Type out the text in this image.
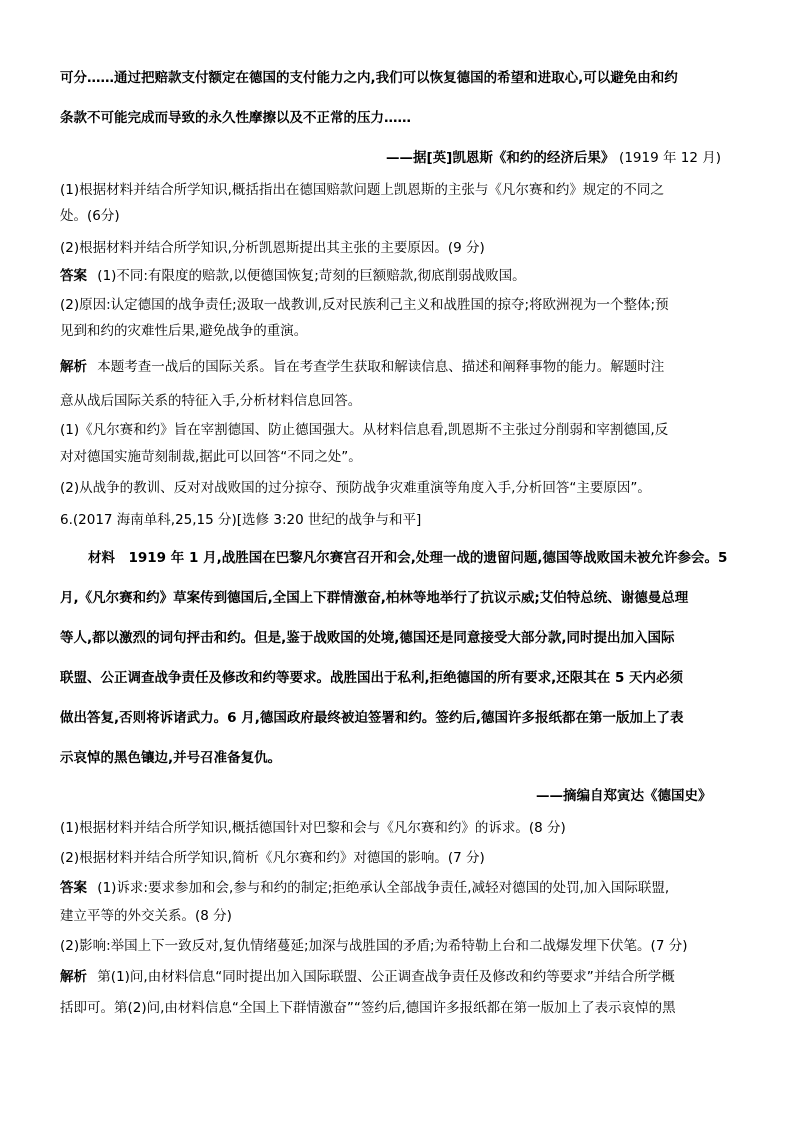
可分……通过把赔款支付额定在德国的支付能力之内,我们可以恢复德国的希望和进取心,可以避免由和约
条款不可能完成而导致的永久性摩擦以及不正常的压力……
——据[英]凯恩斯《和约的经济后果》 (1919 年 12 月)
(1)根据材料并结合所学知识,概括指出在德国赔款问题上凯恩斯的主张与《凡尔赛和约》规定的不同之
处。(6分)
(2)根据材料并结合所学知识,分析凯恩斯提出其主张的主要原因。(9 分)
答案 (1)不同:有限度的赔款,以便德国恢复;苛刻的巨额赔款,彻底削弱战败国。
(2)原因:认定德国的战争责任;汲取一战教训,反对民族利己主义和战胜国的掠夺;将欧洲视为一个整体;预
见到和约的灾难性后果,避免战争的重演。
解析 本题考查一战后的国际关系。旨在考查学生获取和解读信息、描述和阐释事物的能力。解题时注
意从战后国际关系的特征入手,分析材料信息回答。
(1)《凡尔赛和约》旨在宰割德国、防止德国强大。从材料信息看,凯恩斯不主张过分削弱和宰割德国,反
对对德国实施苛刻制裁,据此可以回答“不同之处”。
(2)从战争的教训、反对对战败国的过分掠夺、预防战争灾难重演等角度入手,分析回答“主要原因”。
6.(2017 海南单科,25,15 分)[选修 3:20 世纪的战争与和平]
材料　1919 年 1 月,战胜国在巴黎凡尔赛宫召开和会,处理一战的遗留问题,德国等战败国未被允许参会。5
月,《凡尔赛和约》草案传到德国后,全国上下群情激奋,柏林等地举行了抗议示威;艾伯特总统、谢德曼总理
等人,都以激烈的词句抨击和约。但是,鉴于战败国的处境,德国还是同意接受大部分款,同时提出加入国际
联盟、公正调查战争责任及修改和约等要求。战胜国出于私利,拒绝德国的所有要求,还限其在 5 天内必须
做出答复,否则将诉诸武力。6 月,德国政府最终被迫签署和约。签约后,德国许多报纸都在第一版加上了表
示哀悼的黑色镶边,并号召准备复仇。
——摘编自郑寅达《德国史》
(1)根据材料并结合所学知识,概括德国针对巴黎和会与《凡尔赛和约》的诉求。(8 分)
(2)根据材料并结合所学知识,简析《凡尔赛和约》对德国的影响。(7 分)
答案 (1)诉求:要求参加和会,参与和约的制定;拒绝承认全部战争责任,减轻对德国的处罚,加入国际联盟,
建立平等的外交关系。(8 分)
(2)影响:举国上下一致反对,复仇情绪蔓延;加深与战胜国的矛盾;为希特勒上台和二战爆发埋下伏笔。(7 分)
解析 第(1)问,由材料信息“同时提出加入国际联盟、公正调查战争责任及修改和约等要求”并结合所学概
括即可。第(2)问,由材料信息“全国上下群情激奋”“签约后,德国许多报纸都在第一版加上了表示哀悼的黑
